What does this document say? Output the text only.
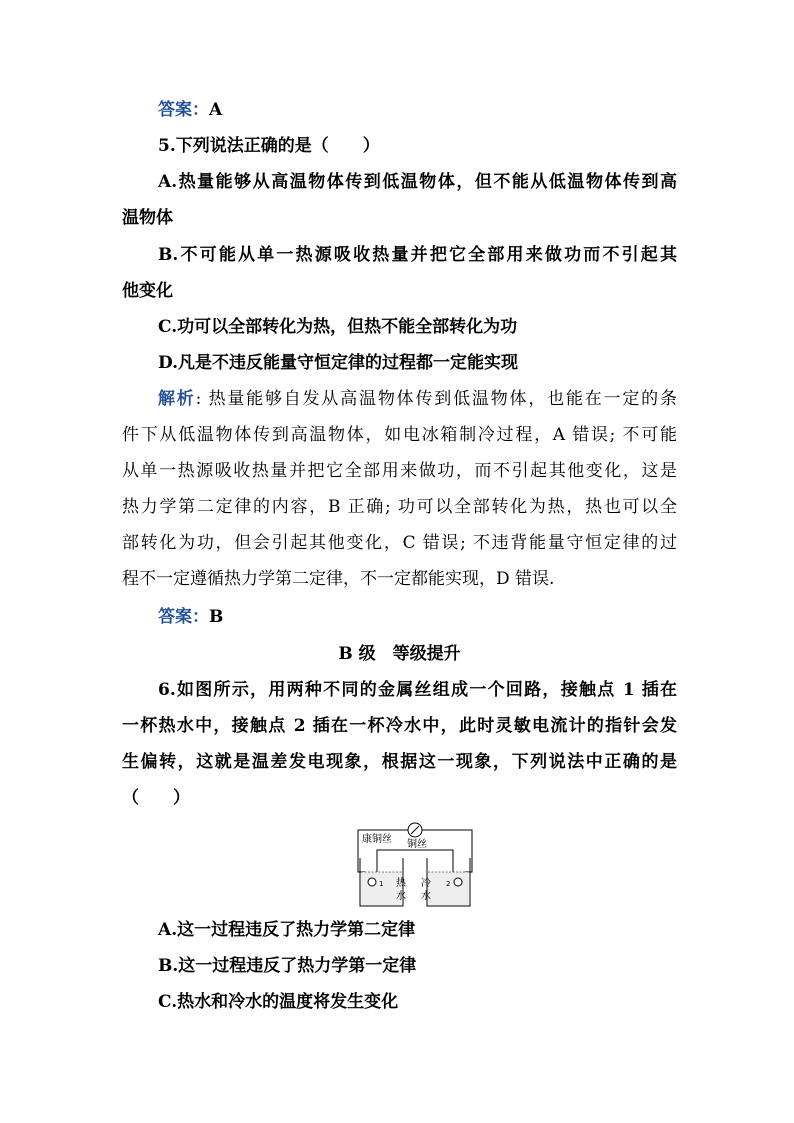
答案：A
5.下列说法正确的是（　　）
A.热量能够从高温物体传到低温物体，但不能从低温物体传到高
温物体
B.不可能从单一热源吸收热量并把它全部用来做功而不引起其
他变化
C.功可以全部转化为热，但热不能全部转化为功
D.凡是不违反能量守恒定律的过程都一定能实现
解析: 热量能够自发从高温物体传到低温物体，也能在一定的条
件下从低温物体传到高温物体，如电冰箱制冷过程，A 错误; 不可能
从单一热源吸收热量并把它全部用来做功，而不引起其他变化，这是
热力学第二定律的内容，B 正确; 功可以全部转化为热，热也可以全
部转化为功，但会引起其他变化，C 错误; 不违背能量守恒定律的过
程不一定遵循热力学第二定律，不一定都能实现，D 错误.
答案：B
B 级　等级提升
6.如图所示，用两种不同的金属丝组成一个回路，接触点 1 插在
一杯热水中，接触点 2 插在一杯冷水中，此时灵敏电流计的指针会发
生偏转，这就是温差发电现象，根据这一现象，下列说法中正确的是
（　　）
康铜丝 铜丝
热
水
冷
水
1	2
A.这一过程违反了热力学第二定律
B.这一过程违反了热力学第一定律
C.热水和冷水的温度将发生变化
